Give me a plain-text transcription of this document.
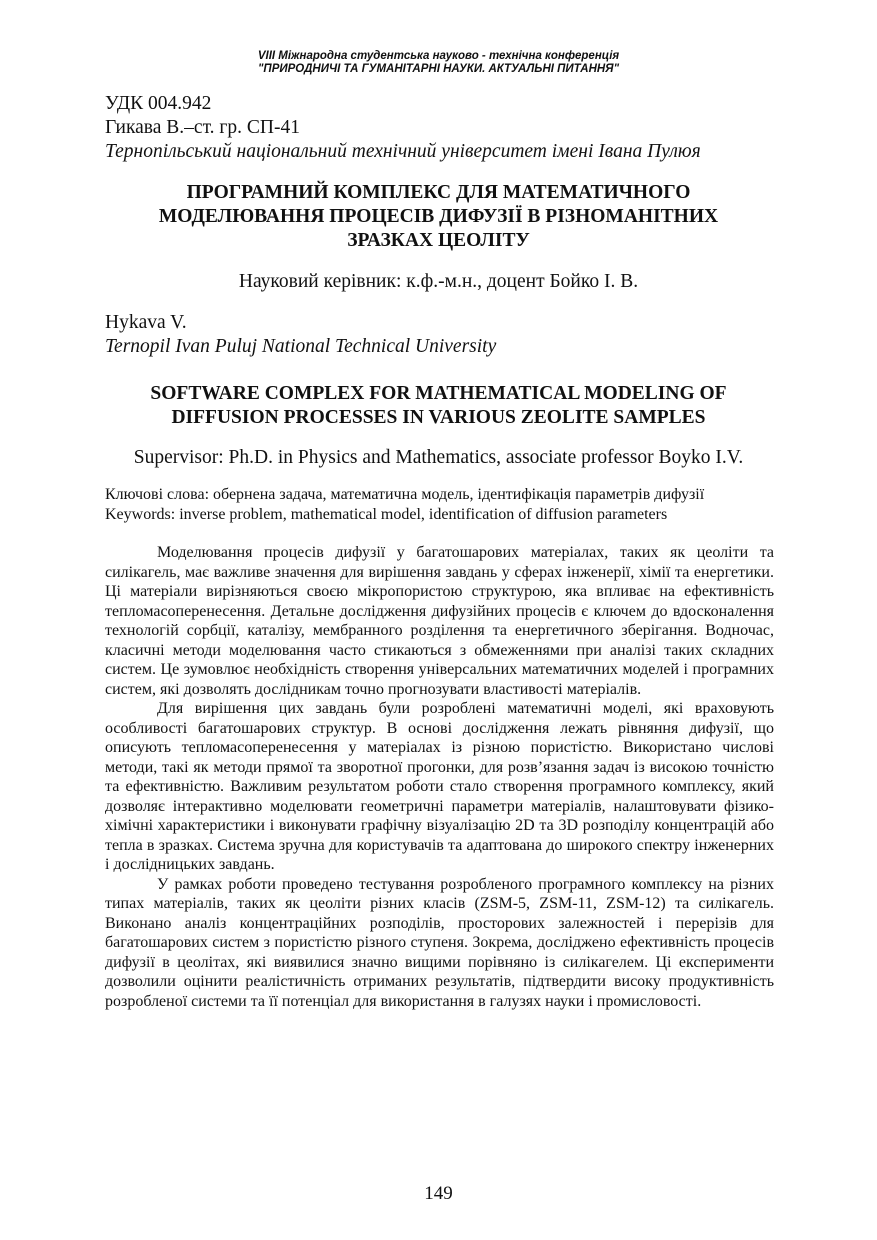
VIII Міжнародна студентська науково - технічна конференція
"ПРИРОДНИЧІ ТА ГУМАНІТАРНІ НАУКИ. АКТУАЛЬНІ ПИТАННЯ"
УДК 004.942
Гикава В.–ст. гр. СП-41
Тернопільський національний технічний університет імені Івана Пулюя
ПРОГРАМНИЙ КОМПЛЕКС ДЛЯ МАТЕМАТИЧНОГО
МОДЕЛЮВАННЯ ПРОЦЕСІВ ДИФУЗІЇ В РІЗНОМАНІТНИХ
ЗРАЗКАХ ЦЕОЛІТУ
Науковий керівник: к.ф.-м.н., доцент Бойко І. В.
Hykava V.
Ternopil Ivan Puluj National Technical University
SOFTWARE COMPLEX FOR MATHEMATICAL MODELING OF
DIFFUSION PROCESSES IN VARIOUS ZEOLITE SAMPLES
Supervisor: Ph.D. in Physics and Mathematics, associate professor Boyko I.V.
Ключові слова: обернена задача, математична модель, ідентифікація параметрів дифузії
Keywords: inverse problem, mathematical model, identification of diffusion parameters

Моделювання процесів дифузії у багатошарових матеріалах, таких як цеоліти та силікагель, має важливе значення для вирішення завдань у сферах інженерії, хімії та енергетики. Ці матеріали вирізняються своєю мікропористою структурою, яка впливає на ефективність тепломасоперенесення. Детальне дослідження дифузійних процесів є ключем до вдосконалення технологій сорбції, каталізу, мембранного розділення та енергетичного зберігання. Водночас, класичні методи моделювання часто стикаються з обмеженнями при аналізі таких складних систем. Це зумовлює необхідність створення універсальних математичних моделей і програмних систем, які дозволять дослідникам точно прогнозувати властивості матеріалів.

Для вирішення цих завдань були розроблені математичні моделі, які враховують особливості багатошарових структур. В основі дослідження лежать рівняння дифузії, що описують тепломасоперенесення у матеріалах із різною пористістю. Використано числові методи, такі як методи прямої та зворотної прогонки, для розв’язання задач із високою точністю та ефективністю. Важливим результатом роботи стало створення програмного комплексу, який дозволяє інтерактивно моделювати геометричні параметри матеріалів, налаштовувати фізико-хімічні характеристики і виконувати графічну візуалізацію 2D та 3D розподілу концентрацій або тепла в зразках. Система зручна для користувачів та адаптована до широкого спектру інженерних і дослідницьких завдань.

У рамках роботи проведено тестування розробленого програмного комплексу на різних типах матеріалів, таких як цеоліти різних класів (ZSM-5, ZSM-11, ZSM-12) та силікагель. Виконано аналіз концентраційних розподілів, просторових залежностей і перерізів для багатошарових систем з пористістю різного ступеня. Зокрема, досліджено ефективність процесів дифузії в цеолітах, які виявилися значно вищими порівняно із силікагелем. Ці експерименти дозволили оцінити реалістичність отриманих результатів, підтвердити високу продуктивність розробленої системи та її потенціал для використання в галузях науки і промисловості.

149
